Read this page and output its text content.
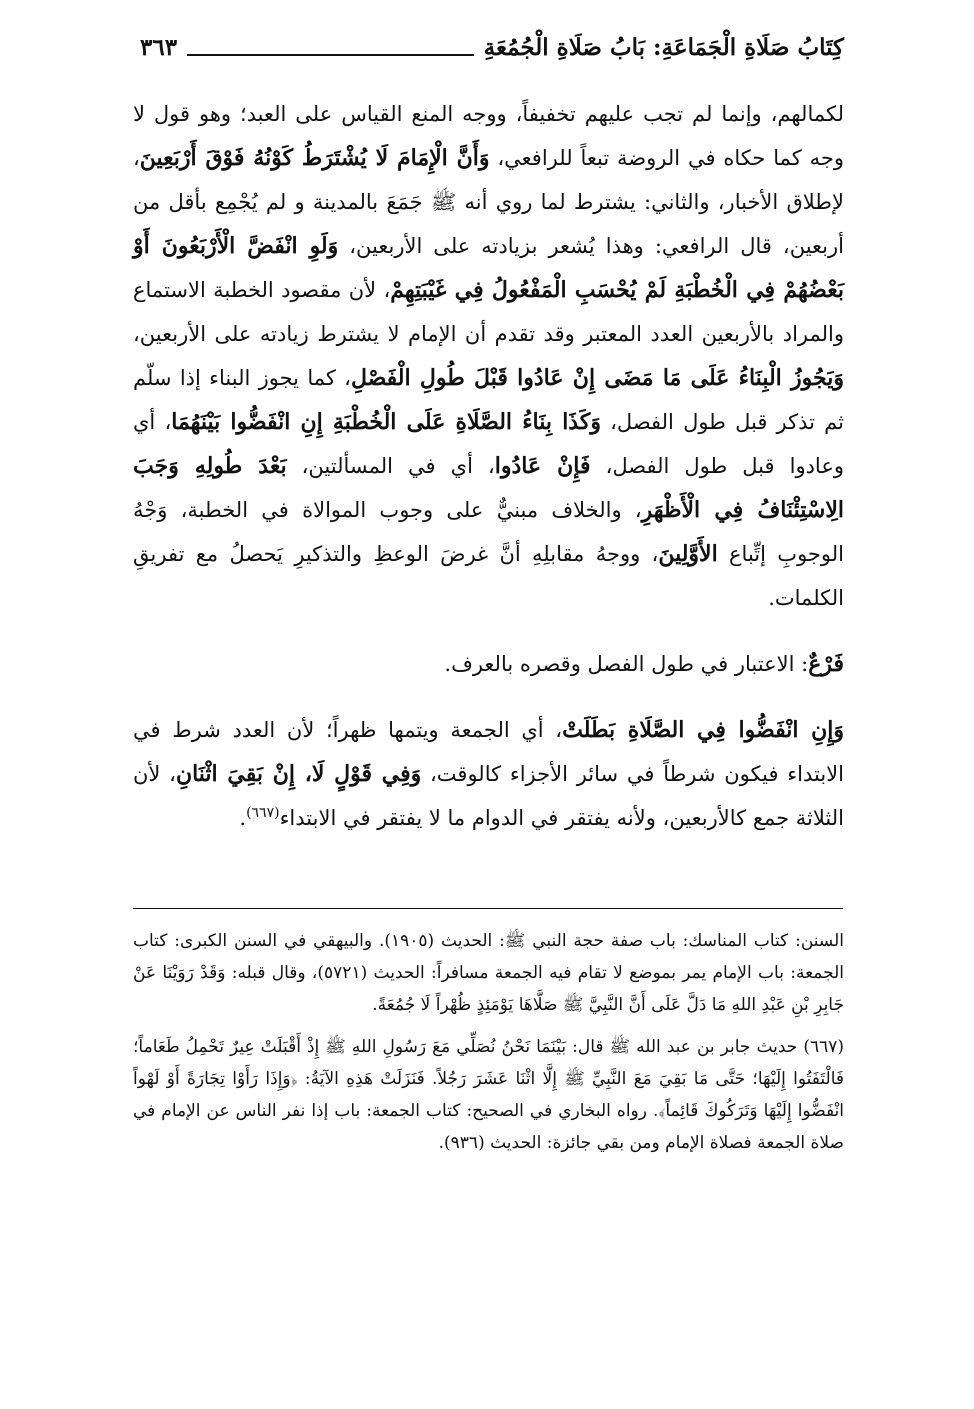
كِتَابُ صَلَاةِ الْجَمَاعَةِ: بَابُ صَلَاةِ الْجُمُعَةِ
٣٦٣

لكمالهم، وإنما لم تجب عليهم تخفيفاً، ووجه المنع القياس على العبد؛ وهو قول لا وجه كما حكاه في الروضة تبعاً للرافعي، وَأَنَّ الْإِمَامَ لَا يُشْتَرَطُ كَوْنُهُ فَوْقَ أَرْبَعِينَ، لإطلاق الأخبار، والثاني: يشترط لما روي أنه ﷺ جَمَعَ بالمدينة و لم يُجْمِع بأقل من أربعين، قال الرافعي: وهذا يُشعر بزيادته على الأربعين، وَلَوِ انْفَضَّ الْأَرْبَعُونَ أَوْ بَعْضُهُمْ فِي الْخُطْبَةِ لَمْ يُحْسَبِ الْمَفْعُولُ فِي غَيْبَتِهِمْ، لأن مقصود الخطبة الاستماع والمراد بالأربعين العدد المعتبر وقد تقدم أن الإمام لا يشترط زيادته على الأربعين، وَيَجُوزُ الْبِنَاءُ عَلَى مَا مَضَى إِنْ عَادُوا قَبْلَ طُولِ الْفَصْلِ، كما يجوز البناء إذا سلّم ثم تذكر قبل طول الفصل، وَكَذَا بِنَاءُ الصَّلَاةِ عَلَى الْخُطْبَةِ إِنِ انْفَضُّوا بَيْنَهُمَا، أي وعادوا قبل طول الفصل، فَإِنْ عَادُوا، أي في المسألتين، بَعْدَ طُولِهِ وَجَبَ الِاسْتِئْنَافُ فِي الْأَظْهَرِ، والخلاف مبنيٌّ على وجوب الموالاة في الخطبة، وَجْهُ الوجوبِ إتِّباع الأَوَّلِينَ، ووجهُ مقابلِهِ أنَّ غرضَ الوعظِ والتذكيرِ يَحصلُ مع تفريقِ الكلمات.

فَرْعٌ: الاعتبار في طول الفصل وقصره بالعرف.

وَإِنِ انْفَضُّوا فِي الصَّلَاةِ بَطَلَتْ، أي الجمعة ويتمها ظهراً؛ لأن العدد شرط في الابتداء فيكون شرطاً في سائر الأجزاء كالوقت، وَفِي قَوْلٍ لَا، إِنْ بَقِيَ اثْنَانِ، لأن الثلاثة جمع كالأربعين، ولأنه يفتقر في الدوام ما لا يفتقر في الابتداء$^{(٦٦٧)}$.

السنن: كتاب المناسك: باب صفة حجة النبي ﷺ: الحديث (١٩٠٥). والبيهقي في السنن الكبرى: كتاب الجمعة: باب الإمام يمر بموضع لا تقام فيه الجمعة مسافراً: الحديث (٥٧٢١)، وقال قبله: وَقَدْ رَوَيْنَا عَنْ جَابِرِ بْنِ عَبْدِ اللهِ مَا دَلَّ عَلَى أَنَّ النَّبِيَّ ﷺ صَلَّاهَا يَوْمَئِذٍ ظُهْراً لَا جُمُعَةً.

(٦٦٧)حديث جابر بن عبد الله ﷺ قال: بَيْنَمَا نَحْنُ نُصَلِّي مَعَ رَسُولِ اللهِ ﷺ إِذْ أَقْبَلَتْ عِيرٌ تَحْمِلُ طَعَاماً؛ فَالْتَفَتُوا إِلَيْهَا؛ حَتَّى مَا بَقِيَ مَعَ النَّبِيِّ ﷺ إِلَّا اثْنَا عَشَرَ رَجُلاً. فَنَزَلَتْ هَذِهِ الآيَةُ: ﴿وَإِذَا رَأَوْا تِجَارَةً أَوْ لَهْواً انْفَضُّوا إِلَيْهَا وَتَرَكُوكَ قَائِماً﴾. رواه البخاري في الصحيح: كتاب الجمعة: باب إذا نفر الناس عن الإمام في صلاة الجمعة فصلاة الإمام ومن بقي جائزة: الحديث (٩٣٦).
